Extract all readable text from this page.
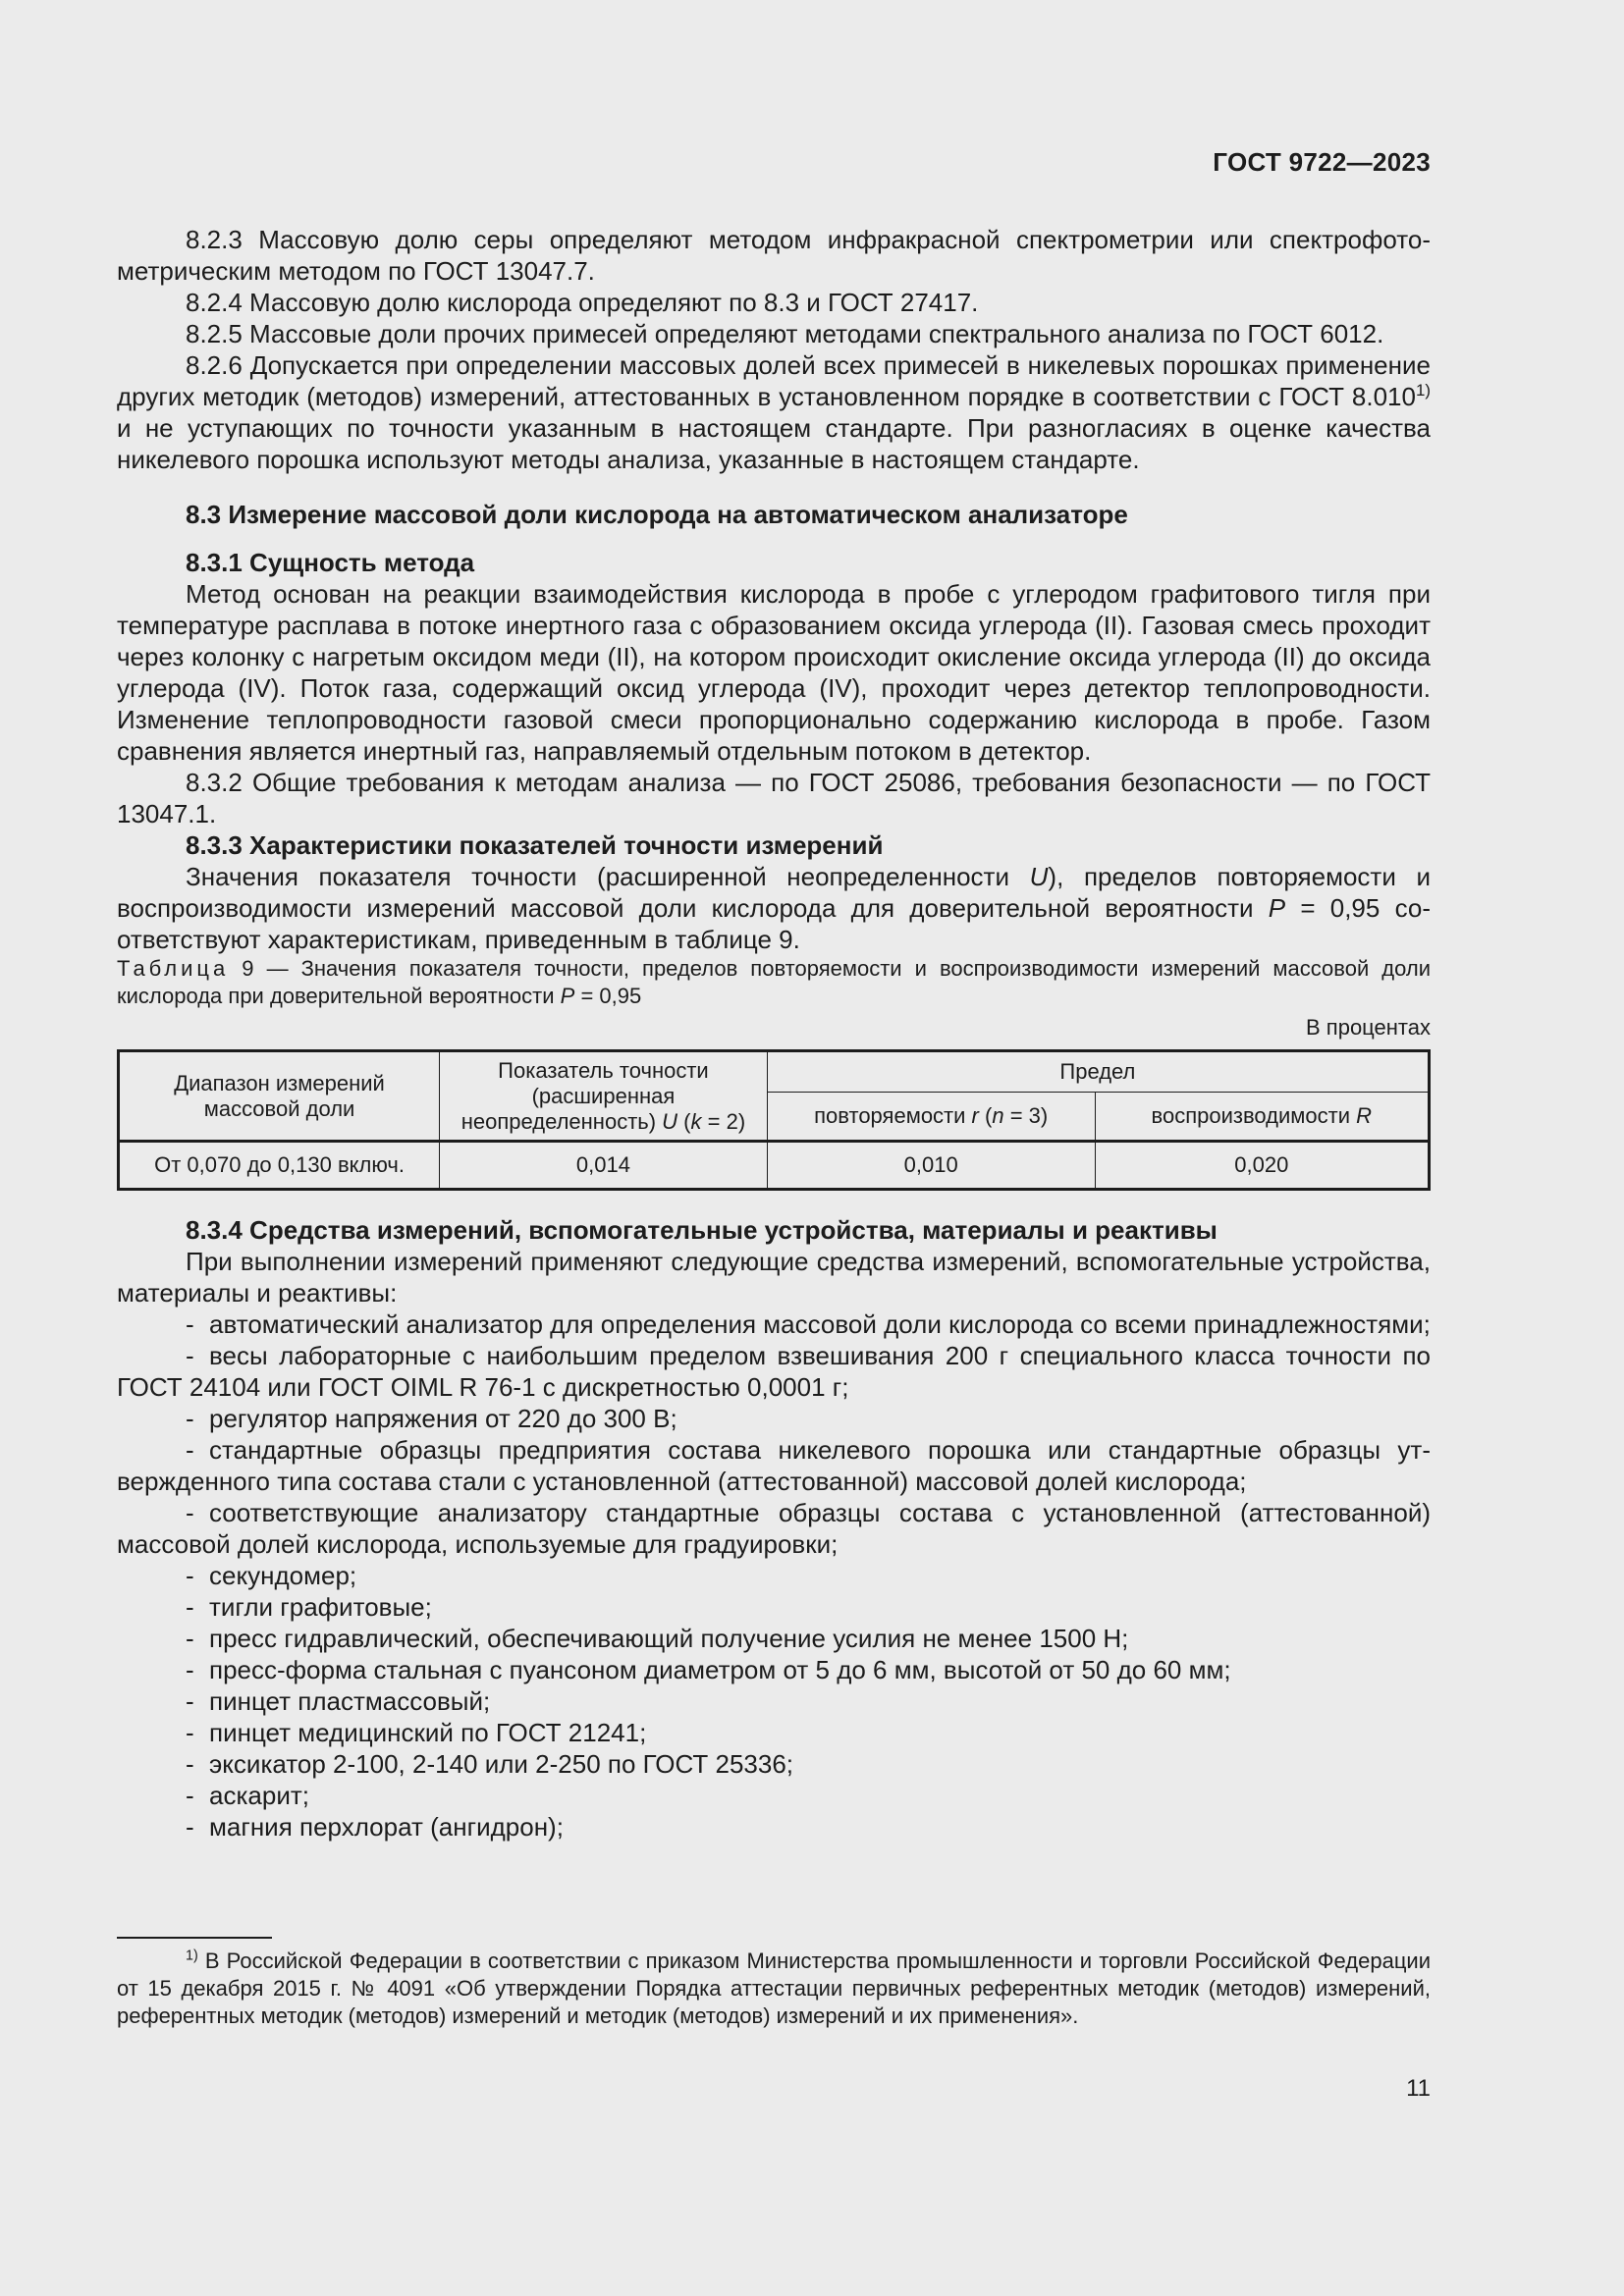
ГОСТ 9722—2023

8.2.3 Массовую долю серы определяют методом инфракрасной спектрометрии или спектрофотометрическим методом по ГОСТ 13047.7.

8.2.4 Массовую долю кислорода определяют по 8.3 и ГОСТ 27417.

8.2.5 Массовые доли прочих примесей определяют методами спектрального анализа по ГОСТ 6012.

8.2.6 Допускается при определении массовых долей всех примесей в никелевых порошках применение других методик (методов) измерений, аттестованных в установленном порядке в соответствии с ГОСТ 8.010$^{1)}$ и не уступающих по точности указанным в настоящем стандарте. При разногласиях в оценке качества никелевого порошка используют методы анализа, указанные в настоящем стандарте.

8.3 Измерение массовой доли кислорода на автоматическом анализаторе
8.3.1 Сущность метода

Метод основан на реакции взаимодействия кислорода в пробе с углеродом графитового тигля при температуре расплава в потоке инертного газа с образованием оксида углерода (II). Газовая смесь проходит через колонку с нагретым оксидом меди (II), на котором происходит окисление оксида углерода (II) до оксида углерода (IV). Поток газа, содержащий оксид углерода (IV), проходит через детектор теплопроводности. Изменение теплопроводности газовой смеси пропорционально содержанию кислорода в пробе. Газом сравнения является инертный газ, направляемый отдельным потоком в детектор.

8.3.2 Общие требования к методам анализа — по ГОСТ 25086, требования безопасности — по ГОСТ 13047.1.

8.3.3 Характеристики показателей точности измерений

Значения показателя точности (расширенной неопределенности U), пределов повторяемости и воспроизводимости измерений массовой доли кислорода для доверительной вероятности P = 0,95 соответствуют характеристикам, приведенным в таблице 9.

Таблица 9 — Значения показателя точности, пределов повторяемости и воспроизводимости измерений массовой доли кислорода при доверительной вероятности P = 0,95

В процентах
Диапазон измерений массовой доли	Показатель точности (расширенная неопределенность) U (k = 2)	Предел	
		повторяемости r (n = 3)	воспроизводимости R
От 0,070 до 0,130 включ.	0,014	0,010	0,020
8.3.4 Средства измерений, вспомогательные устройства, материалы и реактивы

При выполнении измерений применяют следующие средства измерений, вспомогательные устройства, материалы и реактивы:

- автоматический анализатор для определения массовой доли кислорода со всеми принадлежностями;

- весы лабораторные с наибольшим пределом взвешивания 200 г специального класса точности по ГОСТ 24104 или ГОСТ OIML R 76-1 с дискретностью 0,0001 г;

- регулятор напряжения от 220 до 300 В;

- стандартные образцы предприятия состава никелевого порошка или стандартные образцы утвержденного типа состава стали с установленной (аттестованной) массовой долей кислорода;

- соответствующие анализатору стандартные образцы состава с установленной (аттестованной) массовой долей кислорода, используемые для градуировки;

- секундомер;

- тигли графитовые;

- пресс гидравлический, обеспечивающий получение усилия не менее 1500 Н;

- пресс-форма стальная с пуансоном диаметром от 5 до 6 мм, высотой от 50 до 60 мм;

- пинцет пластмассовый;

- пинцет медицинский по ГОСТ 21241;

- эксикатор 2-100, 2-140 или 2-250 по ГОСТ 25336;

- аскарит;

- магния перхлорат (ангидрон);

$^{1)}$ В Российской Федерации в соответствии с приказом Министерства промышленности и торговли Российской Федерации от 15 декабря 2015 г. № 4091 «Об утверждении Порядка аттестации первичных референтных методик (методов) измерений, референтных методик (методов) измерений и методик (методов) измерений и их применения».

11
